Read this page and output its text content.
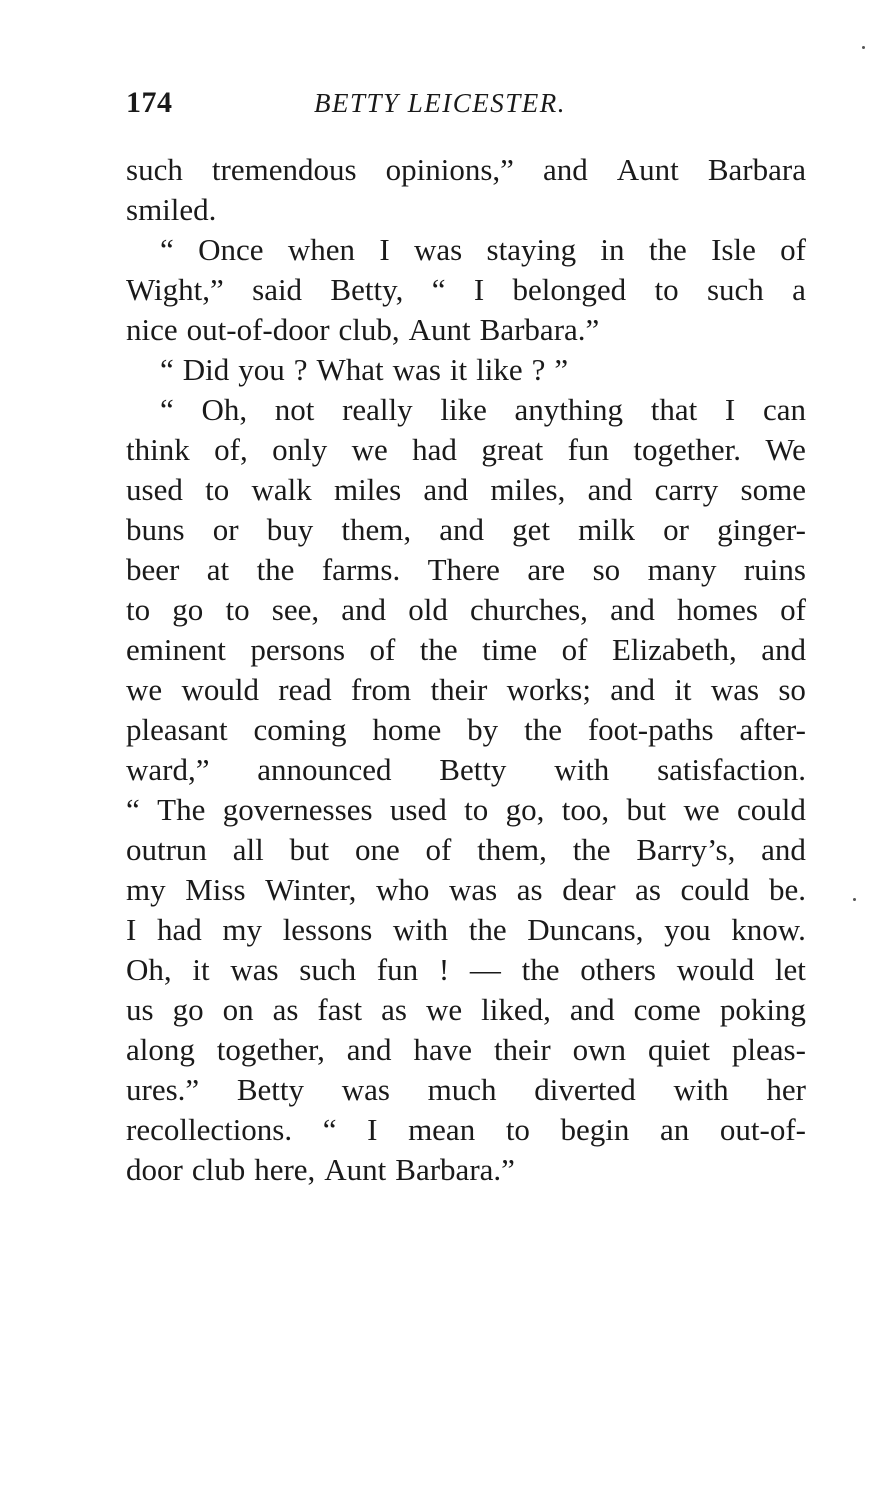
174	BETTY LEICESTER.
such tremendous opinions,” and Aunt Barbara
smiled.
“ Once when I was staying in the Isle of
Wight,” said Betty, “ I belonged to such a
nice out-of-door club, Aunt Barbara.”
“ Did you ? What was it like ? ”
“ Oh, not really like anything that I can
think of, only we had great fun together. We
used to walk miles and miles, and carry some
buns or buy them, and get milk or ginger-
beer at the farms. There are so many ruins
to go to see, and old churches, and homes of
eminent persons of the time of Elizabeth, and
we would read from their works; and it was so
pleasant coming home by the foot-paths after-
ward,” announced Betty with satisfaction.
“ The governesses used to go, too, but we could
outrun all but one of them, the Barry’s, and
my Miss Winter, who was as dear as could be.
I had my lessons with the Duncans, you know.
Oh, it was such fun ! — the others would let
us go on as fast as we liked, and come poking
along together, and have their own quiet pleas-
ures.” Betty was much diverted with her
recollections. “ I mean to begin an out-of-
door club here, Aunt Barbara.”
